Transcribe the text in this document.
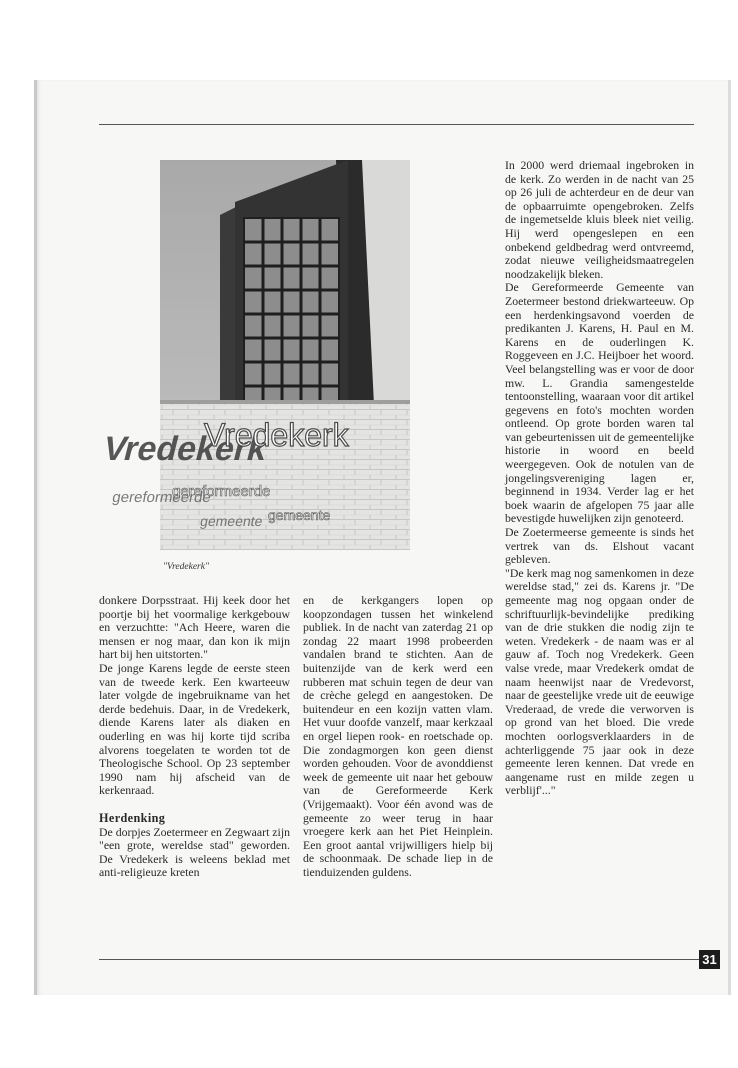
Vredekerk
Vredekerk
gereformeerde
gereformeerde
gemeente gemeente
"Vredekerk"

donkere Dorpsstraat. Hij keek door het poortje bij het voormalige kerkgebouw en verzuchtte: "Ach Heere, waren die mensen er nog maar, dan kon ik mijn hart bij hen uitstorten."

De jonge Karens legde de eerste steen van de tweede kerk. Een kwarteeuw later volgde de ingebruikname van het derde bedehuis. Daar, in de Vredekerk, diende Karens later als diaken en ouderling en was hij korte tijd scriba alvorens toegelaten te worden tot de Theologische School. Op 23 september 1990 nam hij afscheid van de kerkenraad.

Herdenking

De dorpjes Zoetermeer en Zegwaart zijn "een grote, wereldse stad" geworden. De Vredekerk is weleens beklad met anti-religieuze kreten

en de kerkgangers lopen op koopzondagen tussen het winkelend publiek. In de nacht van zaterdag 21 op zondag 22 maart 1998 probeerden vandalen brand te stichten. Aan de buitenzijde van de kerk werd een rubberen mat schuin tegen de deur van de crèche gelegd en aangestoken. De buitendeur en een kozijn vatten vlam. Het vuur doofde vanzelf, maar kerkzaal en orgel liepen rook- en roetschade op. Die zondagmorgen kon geen dienst worden gehouden. Voor de avonddienst week de gemeente uit naar het gebouw van de Gereformeerde Kerk (Vrijgemaakt). Voor één avond was de gemeente zo weer terug in haar vroegere kerk aan het Piet Heinplein. Een groot aantal vrijwilligers hielp bij de schoonmaak. De schade liep in de tienduizenden guldens.

In 2000 werd driemaal ingebroken in de kerk. Zo werden in de nacht van 25 op 26 juli de achterdeur en de deur van de opbaarruimte opengebroken. Zelfs de ingemetselde kluis bleek niet veilig. Hij werd opengeslepen en een onbekend geldbedrag werd ontvreemd, zodat nieuwe veiligheidsmaatregelen noodzakelijk bleken.

De Gereformeerde Gemeente van Zoetermeer bestond driekwarteeuw. Op een herdenkingsavond voerden de predikanten J. Karens, H. Paul en M. Karens en de ouderlingen K. Roggeveen en J.C. Heijboer het woord. Veel belangstelling was er voor de door mw. L. Grandia samengestelde tentoonstelling, waaraan voor dit artikel gegevens en foto's mochten worden ontleend. Op grote borden waren tal van gebeurtenissen uit de gemeentelijke historie in woord en beeld weergegeven. Ook de notulen van de jongelingsvereniging lagen er, beginnend in 1934. Verder lag er het boek waarin de afgelopen 75 jaar alle bevestigde huwelijken zijn genoteerd.

De Zoetermeerse gemeente is sinds het vertrek van ds. Elshout vacant gebleven.

"De kerk mag nog samenkomen in deze wereldse stad," zei ds. Karens jr. "De gemeente mag nog opgaan onder de schriftuurlijk-bevindelijke prediking van de drie stukken die nodig zijn te weten. Vredekerk - de naam was er al gauw af. Toch nog Vredekerk. Geen valse vrede, maar Vredekerk omdat de naam heenwijst naar de Vredevorst, naar de geestelijke vrede uit de eeuwige Vrederaad, de vrede die verworven is op grond van het bloed. Die vrede mochten oorlogsverklaarders in de achterliggende 75 jaar ook in deze gemeente leren kennen. Dat vrede en aangename rust en milde zegen u verblijf'..."

31
